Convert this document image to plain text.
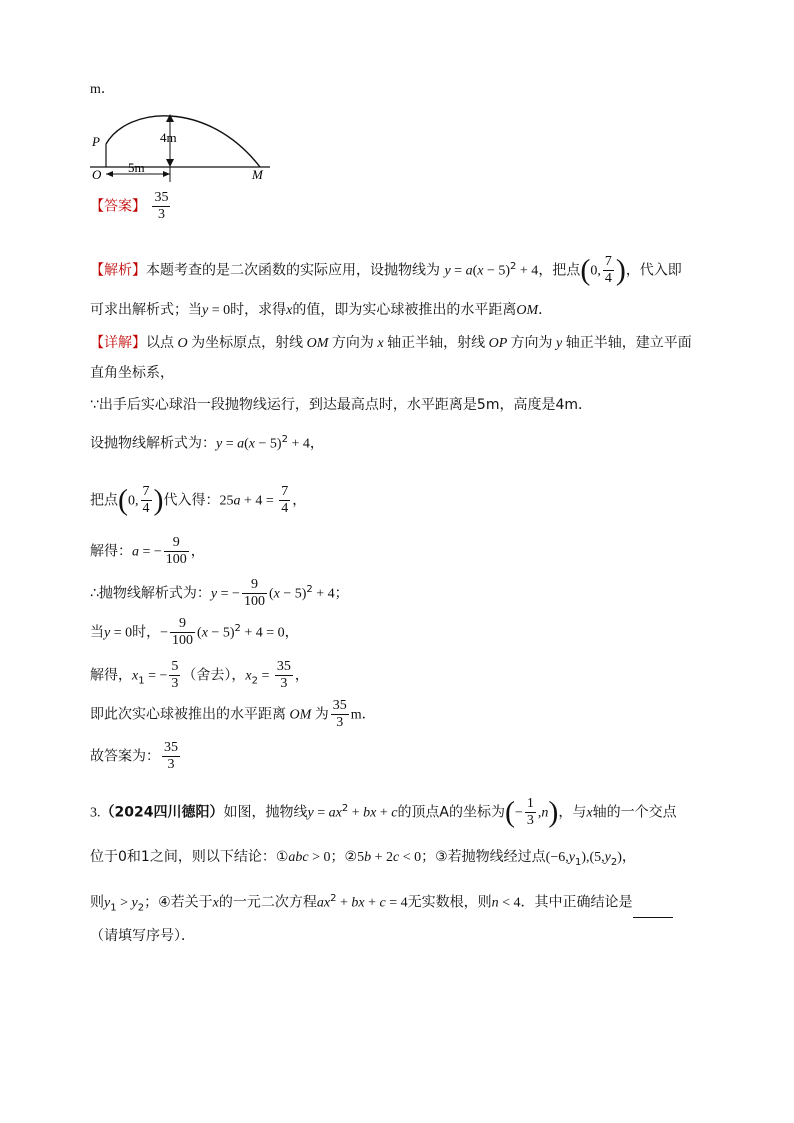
m．
P
O	M
4m
5m
【答案】 $\frac{35}{3}$
【解析】本题考查的是二次函数的实际应用，设抛物线为 $y = a(x - 5)^2 + 4$，把点(0, $\frac{7}{4}$ )，代入即
可求出解析式；当y = 0时，求得x的值，即为实心球被推出的水平距离OM．
【详解】以点 O 为坐标原点，射线 OM 方向为 x 轴正半轴，射线 OP 方向为 y 轴正半轴，建立平面
直角坐标系，
∵出手后实心球沿一段抛物线运行，到达最高点时，水平距离是5m，高度是4m．
设抛物线解析式为：$y = a(x - 5)^2 + 4$，
把点(0, $\frac{7}{4}$ )代入得：$25a + 4 = \frac{7}{4}$ ，
解得：a = − $\frac{9}{100}$ ，
∴抛物线解析式为：y = − $\frac{9}{100} (x - 5)^2 + 4$；
当y = 0时，− $\frac{9}{100} (x - 5)^2 + 4 = 0$，
解得，$x_1$ = − $\frac{5}{3}$ （舍去），$x_2 = \frac{35}{3}$ ，
即此次实心球被推出的水平距离 OM 为 $\frac{35}{3}$ m．
故答案为： $\frac{35}{3}$
3.（2024四川德阳）如图，抛物线$y = ax^2$ + bx + c的顶点A的坐标为(− $\frac{1}{3} ,n$)，与x轴的一个交点
位于0和1之间，则以下结论：①abc > 0；②5b + 2c < 0；③若抛物线经过点$(-6,y_1),(5,y_2)$，
则$y_1 > y_2$；④若关于x的一元二次方程$ax^2$ + bx + c = 4无实数根，则n < 4．其中正确结论是
（请填写序号）．
